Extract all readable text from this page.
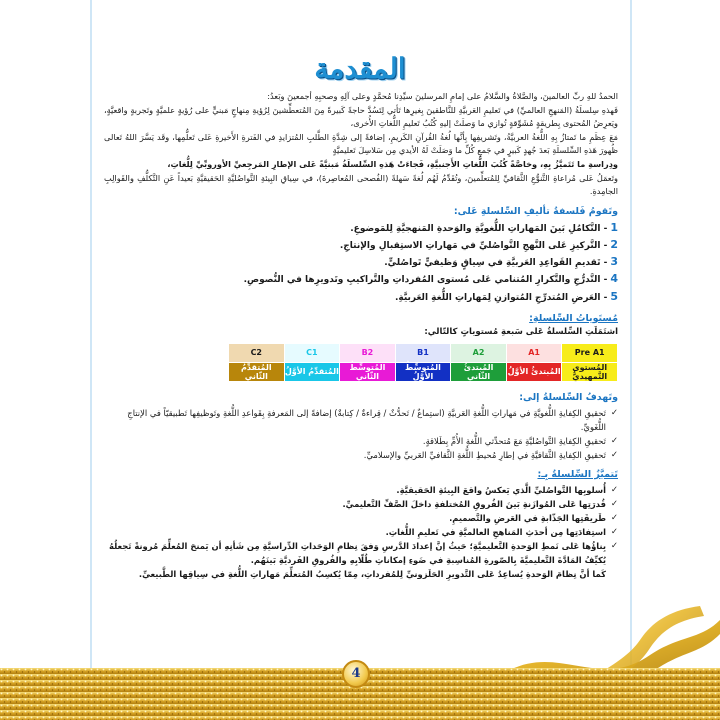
المقدمة

الحمدُ للهِ ربِّ العالمينَ، والصَّلاةُ والسَّلامُ على إمامِ المرسلينَ سيِّدِنا مُحمَّدٍ وعلى آلِهِ وصحبِهِ أجمعينَ وبَعدُ:

فَهذهِ سِلسلَةُ (المَنهجِ العالميِّ) في تَعليمِ العَربيَّةِ للنَّاطقينَ بِغيرِها تَأتي لِتَسُدَّ حاجةً كَبيرةً مِنَ المُتعطِّشينَ لِرُؤيةِ مِنهاجٍ مَبنيٍّ على رُؤيةٍ علميَّةٍ وتَجربةٍ واقعيَّةٍ، ويَعرِضُ المُحتوى بِطريقةٍ مُشَوِّقةٍ تُوازي ما وَصلَتْ إليهِ كُتُبُ تَعليمِ اللُّغاتِ الأُخرى،

مَعَ عِظَمِ ما تَمتازُ بِهِ اللُّغةُ العربيَّةُ، وتَشريفِها بِأنَّها لُغةُ القُرآنِ الكَريمِ، إضافةً إلى شِدَّةِ الطَّلبِ المُتزايدِ في الفَترةِ الأَخيرةِ عَلى تَعلُّمِها، وقَد يَسَّرَ اللهُ تَعالى ظُهورَ هَذهِ السِّلسلَةِ بَعدَ جُهدٍ كَبيرٍ في جَمعِ كُلِّ ما وَصَلَتْ لَهُ الأيدي مِن سَلاسِلَ تَعليميَّةٍ

ودِراسةِ ما تَتَميَّزُ بِهِ، وخاصَّةً كُتُبَ اللُّغاتِ الأَجنبيَّةِ، فَجاءَتْ هَذهِ السِّلسلَةُ مَبنيَّةً عَلى الإطارِ المَرجِعيِّ الأوروبِّيِّ لِلُّغاتِ،

وتَعمَلُ عَلى مُراعاةِ التَّنوُّعِ الثَّقافيِّ لِلمُتعلِّمينَ، وتُقَدِّمُ لَهُم لُغةً سَهلةً (الفُصحى المُعاصِرةَ)، في سِياقِ البِيئةِ التَّواصُليَّةِ الحَقيقيَّةِ بَعيداً عَنِ التَّكلُّفِ والقَوالِبِ الجامِدةِ.

وتَقومُ فَلسفةُ تأليفِ السِّلسلةِ عَلى:
1- التَّكامُلِ بَينَ المَهاراتِ اللُّغويَّةِ والوَحدةِ المَنهجيَّةِ لِلمَوضوعِ.
2- التَّركيزِ عَلى النَّهجِ التَّواصُليِّ في مَهاراتِ الاستِقبالِ والإنتاجِ.
3- تَقديمِ القَواعِدِ العَربيَّةِ في سِياقٍ وَظيفيٍّ تَواصُليٍّ.
4- التَّدرُّجِ والتَّكرارِ المُتنامي عَلى مُستوى المُفرداتِ والتَّراكيبِ وتَدويرِها في النُّصوصِ.
5- العَرضِ المُتدرِّجِ المُتوازنِ لِمَهاراتِ اللُّغةِ العَربيَّةِ.
مُستَوياتُ السِّلسلةِ:
اشتَمَلَتِ السِّلسلةُ عَلى سَبعةِ مُستوياتٍ كالتّالي:
C2	C1	B2	B1	A2	A1	Pre A1
المُتقدِّمُ الثّاني	المُتقدِّمُ الأوَّلُ	المُتوسِّطُ الثّاني	المُتوسِّطُ الأوَّلُ	المُبتدئُ الثّاني	المُبتدئُ الأوَّلُ	المُستوى التَّمهيديُّ
وتَهدفُ السِّلسلةُ إلى:
✓
تَحقيقِ الكِفايةِ اللُّغويَّةِ في مَهاراتِ اللُّغةِ العَربيَّةِ (استِماعٌ / تَحدُّثٌ / قِراءةٌ / كِتابةٌ) إضافةً إلى المَعرفةِ بِقَواعدِ اللُّغةِ وتَوظيفِها تَطبيقيّاً في الإنتاجِ اللُّغَويِّ.
✓
تَحقيقِ الكِفايةِ التَّواصُليَّةِ مَعَ مُتحدِّثي اللُّغةِ الأُمِّ بِطَلاقةٍ.
✓
تَحقيقِ الكِفايةِ الثَّقافيَّةِ في إطارِ مُحيطِ اللُّغةِ الثَّقافيِّ العَربيِّ والإسلاميِّ.
تَتميَّزُ السِّلسلةُ بِـ:
✓
أُسلوبِها التَّواصُليِّ الَّذي يَعكسُ واقعَ البِيئةِ الحَقيقيَّةِ.
✓
قُدرَتِها عَلى المُوازَنةِ بَينَ الفُروقِ المُختلفةِ داخلَ الصَّفِّ التَّعليميِّ.
✓
طَريقَتِها الجَذّابةِ في العَرضِ والتَّصميمِ.
✓
استِفادَتِها مِن أحدَثِ المَناهجِ العالميَّةِ في تَعليمِ اللُّغاتِ.
✓
بِناؤُها عَلى نَمطِ الوَحدةِ التَّعليميَّةِ؛ حَيثُ إنَّ إعدادَ الدَّرسِ وَفقَ نِظامِ الوَحَداتِ الدِّراسيَّةِ مِن شَأنِهِ أن يَمنحَ المُعلِّمَ مُرونةً تَجعلُهُ يُكيِّفُ المَادَّةَ التَّعليميَّةَ بِالصّورةِ المُناسِبةِ في ضَوءِ إمكاناتِ طُلّابِهِ والفُروقِ الفَرديَّةِ بَينَهُم.
كَما أنَّ نِظامَ الوَحدةِ يُساعِدُ عَلى التَّدويرِ الحَلَزونيِّ لِلمُفرداتِ، مِمّا يُكسِبُ المُتعلِّمَ مَهاراتِ اللُّغةِ في سِياقِها الطَّبيعيِّ.
4
